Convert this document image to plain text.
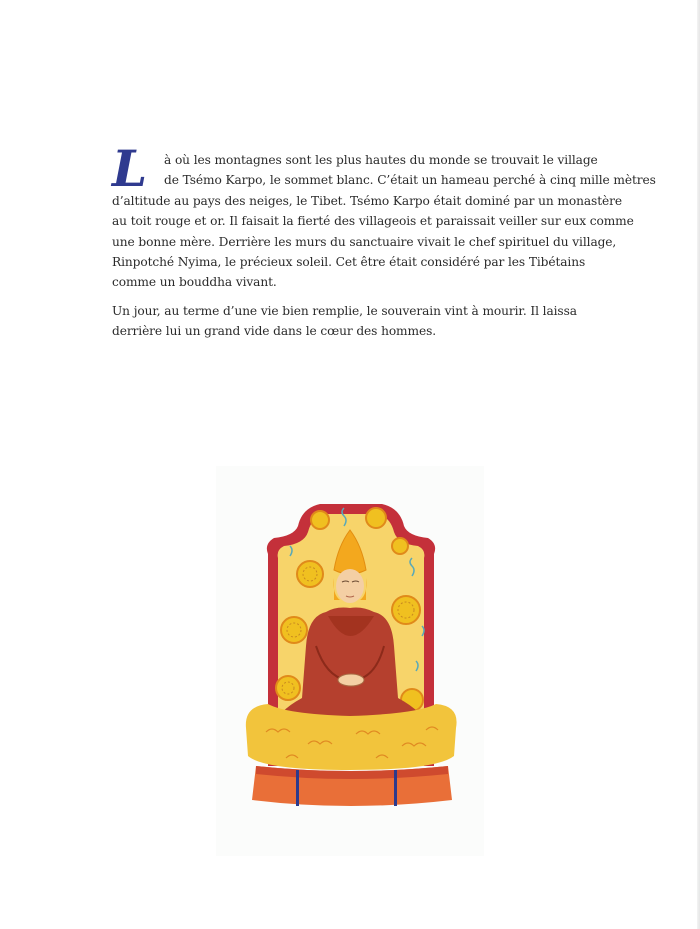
L	à où les montagnes sont les plus hautes du monde se trouvait le village
de Tsémo Karpo, le sommet blanc. C’était un hameau perché à cinq mille mètres
d’altitude au pays des neiges, le Tibet. Tsémo Karpo était dominé par un monastère
au toit rouge et or. Il faisait la fierté des villageois et paraissait veiller sur eux comme
une bonne mère. Derrière les murs du sanctuaire vivait le chef spirituel du village,
Rinpotché Nyima, le précieux soleil. Cet être était considéré par les Tibétains
comme un bouddha vivant.
Un jour, au terme d’une vie bien remplie, le souverain vint à mourir. Il laissa
derrière lui un grand vide dans le cœur des hommes.
